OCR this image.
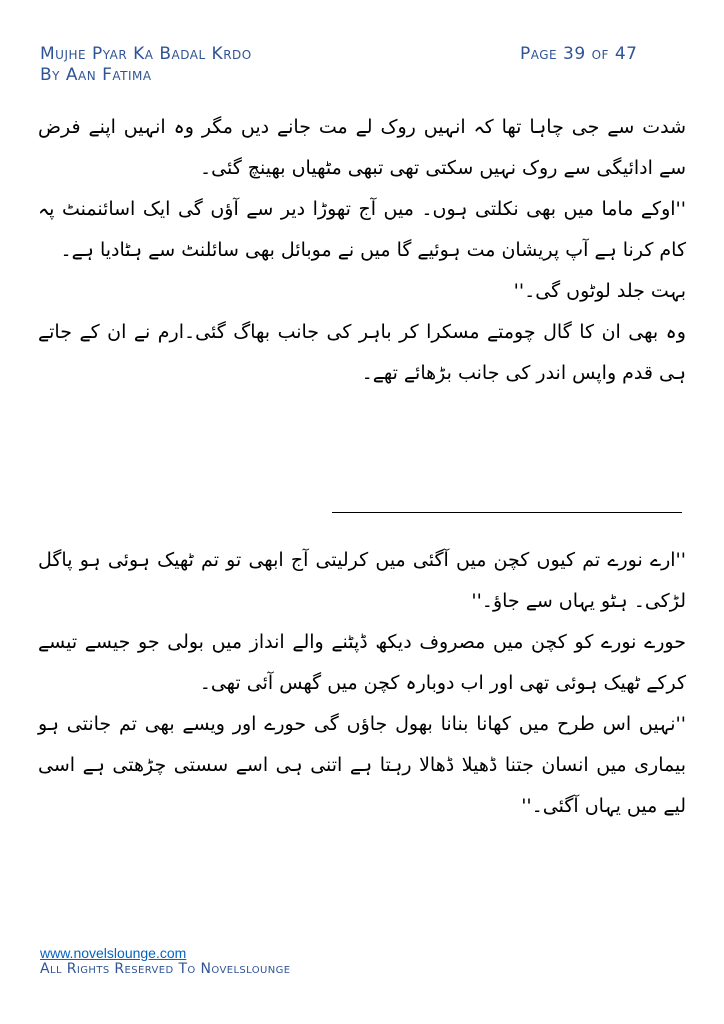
Mujhe Pyar Ka Badal Krdo
By Aan Fatima
Page 39 of 47

شدت سے جی چاہا تھا کہ انہیں روک لے مت جانے دیں مگر وہ انہیں اپنے فرض سے ادائیگی سے روک نہیں سکتی تھی تبھی مٹھیاں بھینچ گئی۔

''اوکے ماما میں بھی نکلتی ہوں۔ میں آج تھوڑا دیر سے آؤں گی ایک اسائنمنٹ پہ کام کرنا ہے آپ پریشان مت ہوئیے گا میں نے موبائل بھی سائلنٹ سے ہٹادیا ہے۔

بہت جلد لوٹوں گی۔''

وہ بھی ان کا گال چومتے مسکرا کر باہر کی جانب بھاگ گئی۔ارم نے ان کے جاتے ہی قدم واپس اندر کی جانب بڑھائے تھے۔

''ارے نورے تم کیوں کچن میں آگئی میں کرلیتی آج ابھی تو تم ٹھیک ہوئی ہو پاگل لڑکی۔ ہٹو یہاں سے جاؤ۔''

حورے نورے کو کچن میں مصروف دیکھ ڈپٹنے والے انداز میں بولی جو جیسے تیسے کرکے ٹھیک ہوئی تھی اور اب دوبارہ کچن میں گھس آئی تھی۔

''نہیں اس طرح میں کھانا بنانا بھول جاؤں گی حورے اور ویسے بھی تم جانتی ہو بیماری میں انسان جتنا ڈھیلا ڈھالا رہتا ہے اتنی ہی اسے سستی چڑھتی ہے اسی لیے میں یہاں آگئی۔''

www.novelslounge.com
All Rights Reserved To Novelslounge
